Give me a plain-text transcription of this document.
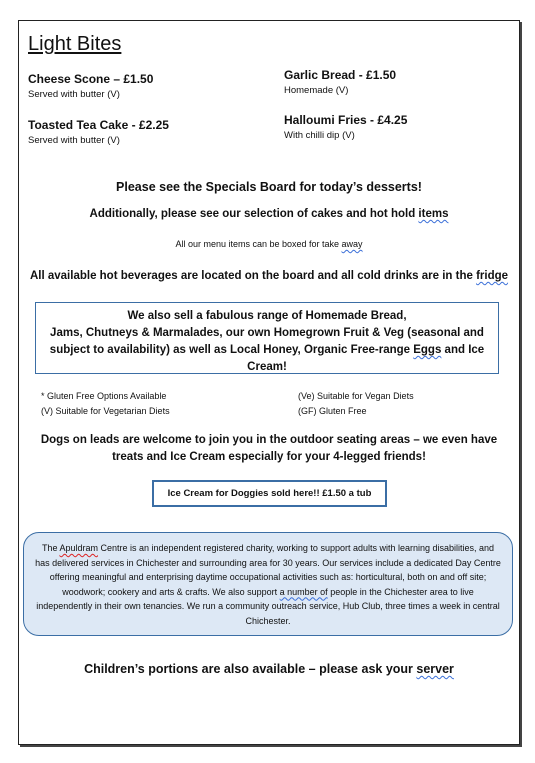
Light Bites
Cheese Scone – £1.50
Served with butter (V)
Toasted Tea Cake - £2.25
Served with butter (V)
Garlic Bread - £1.50
Homemade (V)
Halloumi Fries - £4.25
With chilli dip (V)
Please see the Specials Board for today’s desserts!
Additionally, please see our selection of cakes and hot hold items
All our menu items can be boxed for take away
All available hot beverages are located on the board and all cold drinks are in the fridge
We also sell a fabulous range of Homemade Bread,
Jams, Chutneys & Marmalades, our own Homegrown Fruit & Veg (seasonal and subject to availability) as well as Local Honey, Organic Free-range Eggs and Ice Cream!
* Gluten Free Options Available
(V) Suitable for Vegetarian Diets
(Ve) Suitable for Vegan Diets
(GF) Gluten Free
Dogs on leads are welcome to join you in the outdoor seating areas – we even have treats and Ice Cream especially for your 4-legged friends!
Ice Cream for Doggies sold here!! £1.50 a tub
The Apuldram Centre is an independent registered charity, working to support adults with learning disabilities, and has delivered services in Chichester and surrounding area for 30 years. Our services include a dedicated Day Centre offering meaningful and enterprising daytime occupational activities such as: horticultural, both on and off site; woodwork; cookery and arts & crafts. We also support a number of people in the Chichester area to live independently in their own tenancies. We run a community outreach service, Hub Club, three times a week in central Chichester.
Children’s portions are also available – please ask your server
